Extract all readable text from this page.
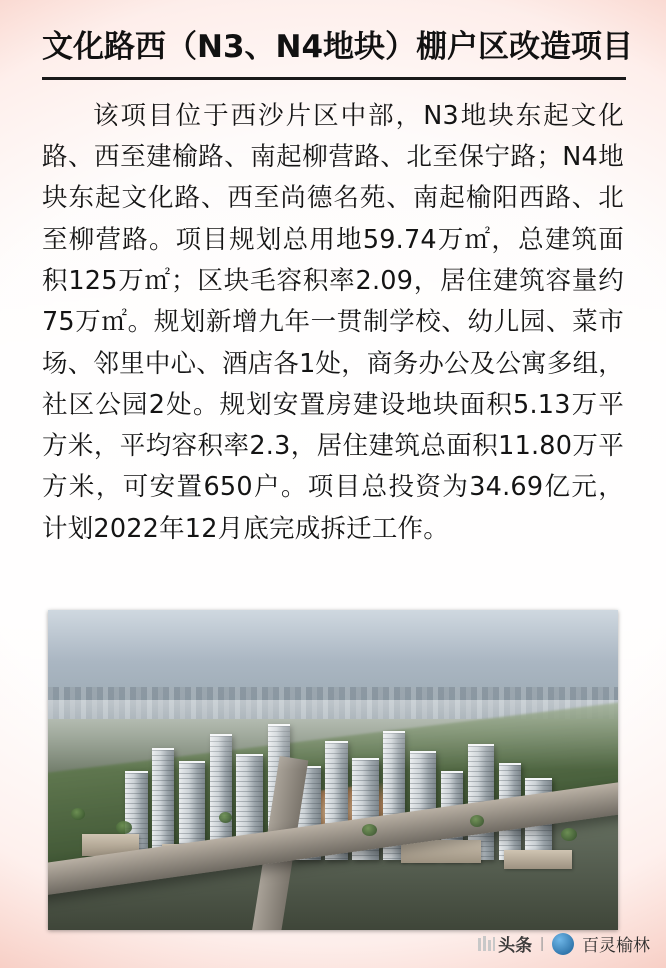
文化路西（N3、N4地块）棚户区改造项目

该项目位于西沙片区中部，N3地块东起文化路、西至建榆路、南起柳营路、北至保宁路；N4地块东起文化路、西至尚德名苑、南起榆阳西路、北至柳营路。项目规划总用地59.74万㎡，总建筑面积125万㎡；区块毛容积率2.09，居住建筑容量约75万㎡。规划新增九年一贯制学校、幼儿园、菜市场、邻里中心、酒店各1处，商务办公及公寓多组，社区公园2处。规划安置房建设地块面积5.13万平方米，平均容积率2.3，居住建筑总面积11.80万平方米，可安置650户。项目总投资为34.69亿元，计划2022年12月底完成拆迁工作。

头条 | 百灵榆林
